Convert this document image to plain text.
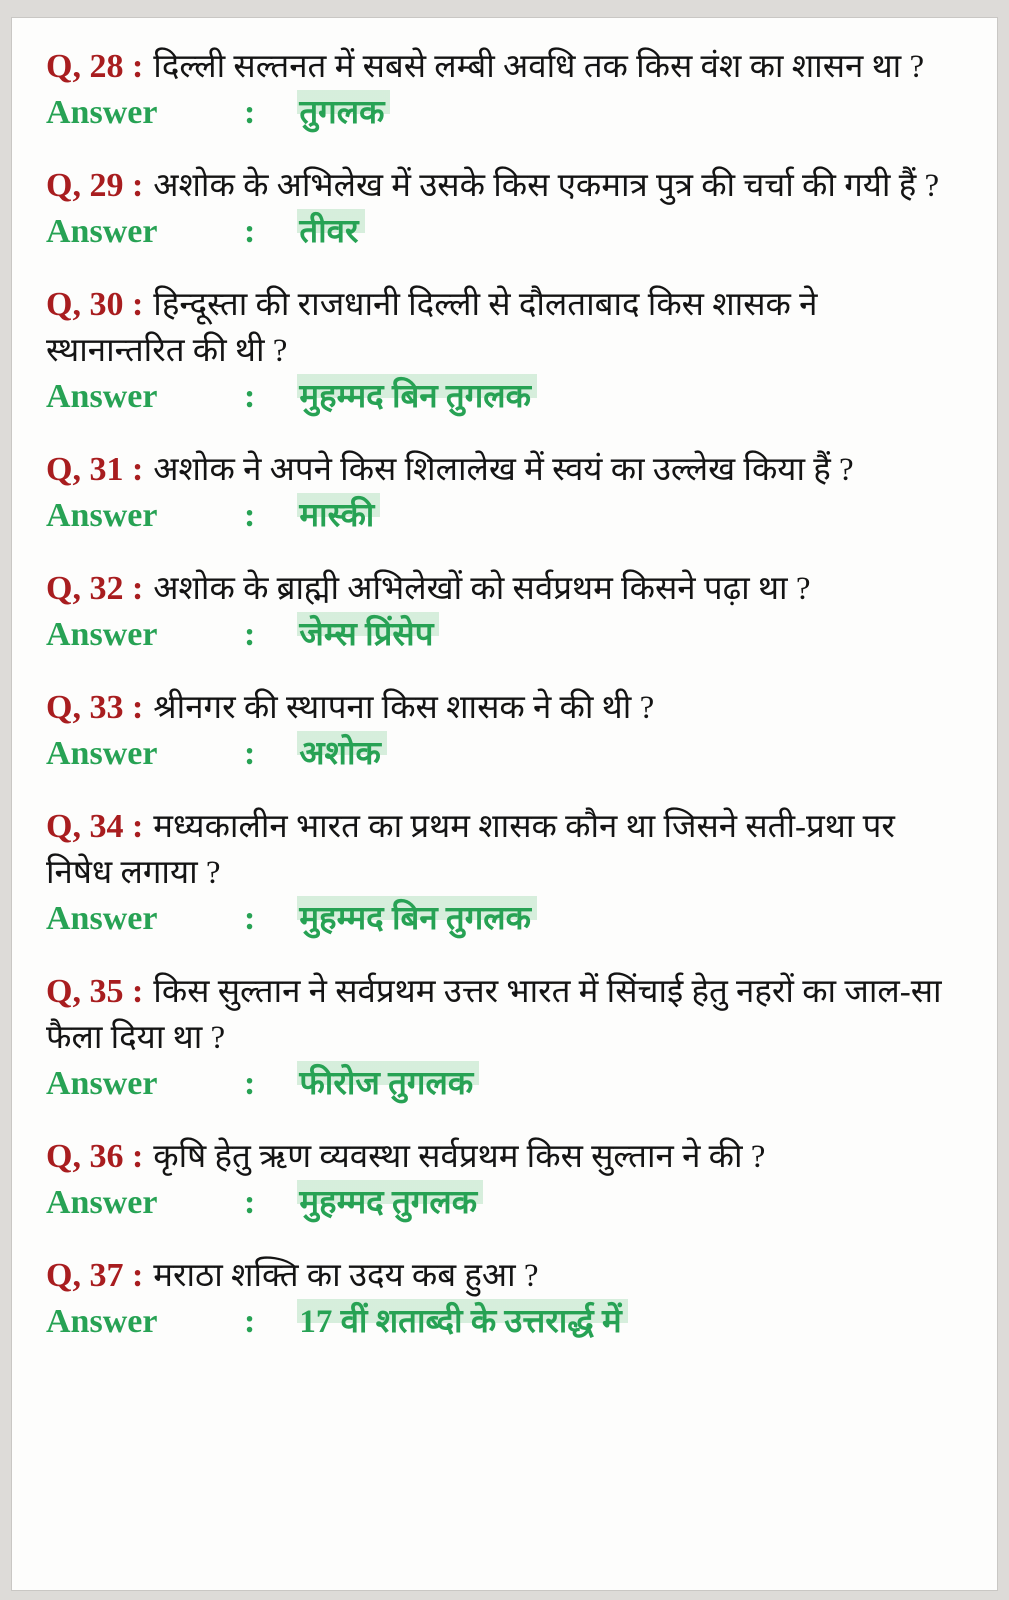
Q, 28 : दिल्ली सल्तनत में सबसे लम्बी अवधि तक किस वंश का शासन था ?
Answer	: तुगलक
Q, 29 : अशोक के अभिलेख में उसके किस एकमात्र पुत्र की चर्चा की गयी हैं ?
Answer	: तीवर
Q, 30 : हिन्दूस्ता की राजधानी दिल्ली से दौलताबाद किस शासक ने स्थानान्तरित की थी ?
Answer	: मुहम्मद बिन तुगलक
Q, 31 : अशोक ने अपने किस शिलालेख में स्वयं का उल्लेख किया हैं ?
Answer	: मास्की
Q, 32 : अशोक के ब्राह्मी अभिलेखों को सर्वप्रथम किसने पढ़ा था ?
Answer	: जेम्स प्रिंसेप
Q, 33 : श्रीनगर की स्थापना किस शासक ने की थी ?
Answer	: अशोक
Q, 34 : मध्यकालीन भारत का प्रथम शासक कौन था जिसने सती-प्रथा पर निषेध लगाया ?
Answer	: मुहम्मद बिन तुगलक
Q, 35 : किस सुल्तान ने सर्वप्रथम उत्तर भारत में सिंचाई हेतु नहरों का जाल-सा फैला दिया था ?
Answer	: फीरोज तुगलक
Q, 36 : कृषि हेतु ऋण व्यवस्था सर्वप्रथम किस सुल्तान ने की ?
Answer	: मुहम्मद तुगलक
Q, 37 : मराठा शक्ति का उदय कब हुआ ?
Answer	: 17 वीं शताब्दी के उत्तरार्द्ध में
